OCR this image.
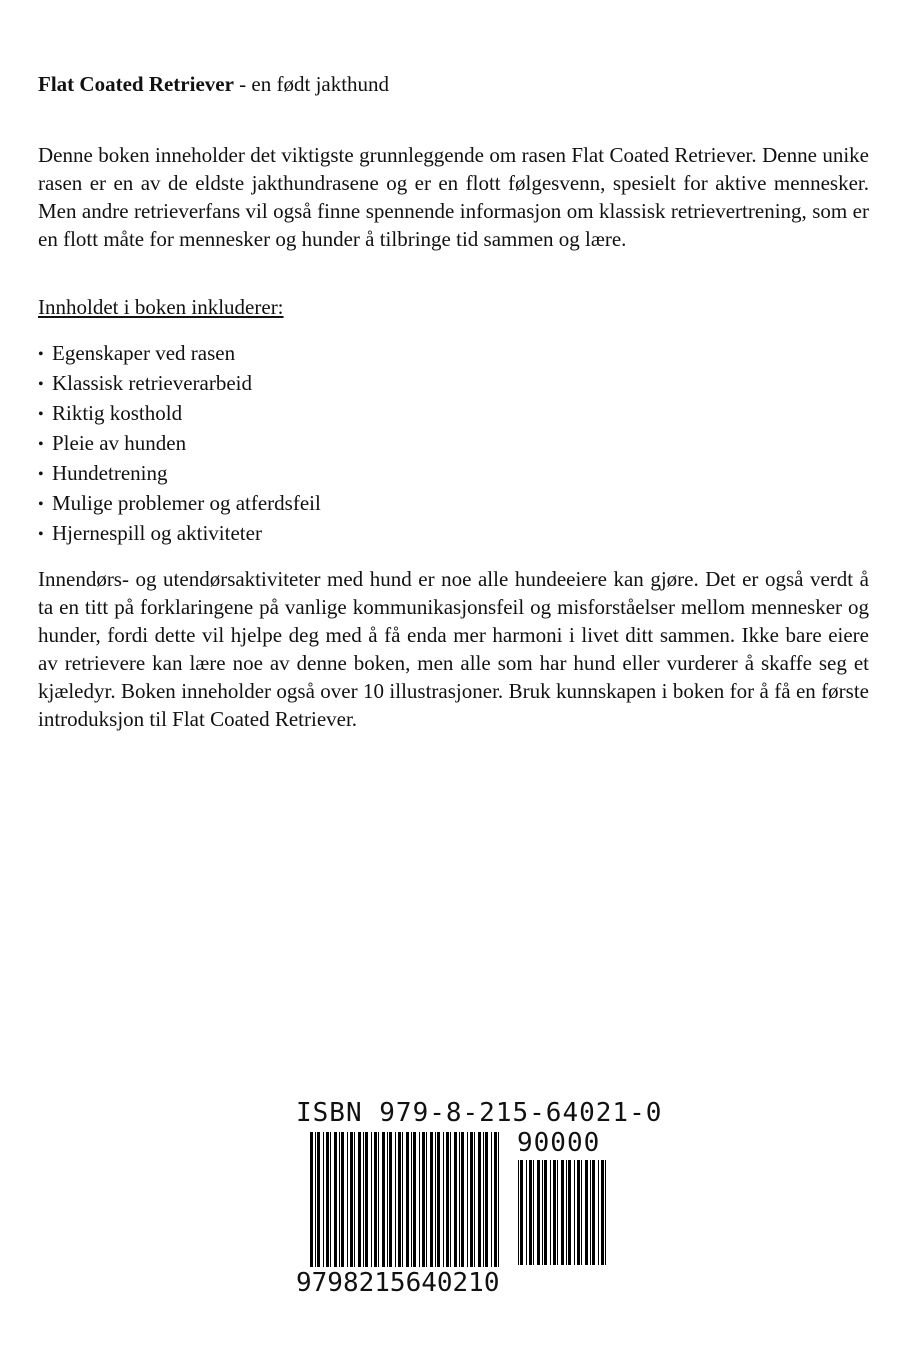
Flat Coated Retriever - en født jakthund

Denne boken inneholder det viktigste grunnleggende om rasen Flat Coated Retriever. Denne unike rasen er en av de eldste jakthundrasene og er en flott følgesvenn, spesielt for aktive mennesker. Men andre retrieverfans vil også finne spennende informasjon om klassisk retrievertrening, som er en flott måte for mennesker og hunder å tilbringe tid sammen og lære.

Innholdet i boken inkluderer:
• Egenskaper ved rasen
• Klassisk retrieverarbeid
• Riktig kosthold
• Pleie av hunden
• Hundetrening
• Mulige problemer og atferdsfeil
• Hjernespill og aktiviteter

Innendørs- og utendørsaktiviteter med hund er noe alle hundeeiere kan gjøre. Det er også verdt å ta en titt på forklaringene på vanlige kommunikasjonsfeil og misforståelser mellom mennesker og hunder, fordi dette vil hjelpe deg med å få enda mer harmoni i livet ditt sammen. Ikke bare eiere av retrievere kan lære noe av denne boken, men alle som har hund eller vurderer å skaffe seg et kjæledyr. Boken inneholder også over 10 illustrasjoner. Bruk kunnskapen i boken for å få en første introduksjon til Flat Coated Retriever.

ISBN 979-8-215-64021-0
90000
9798215640210
